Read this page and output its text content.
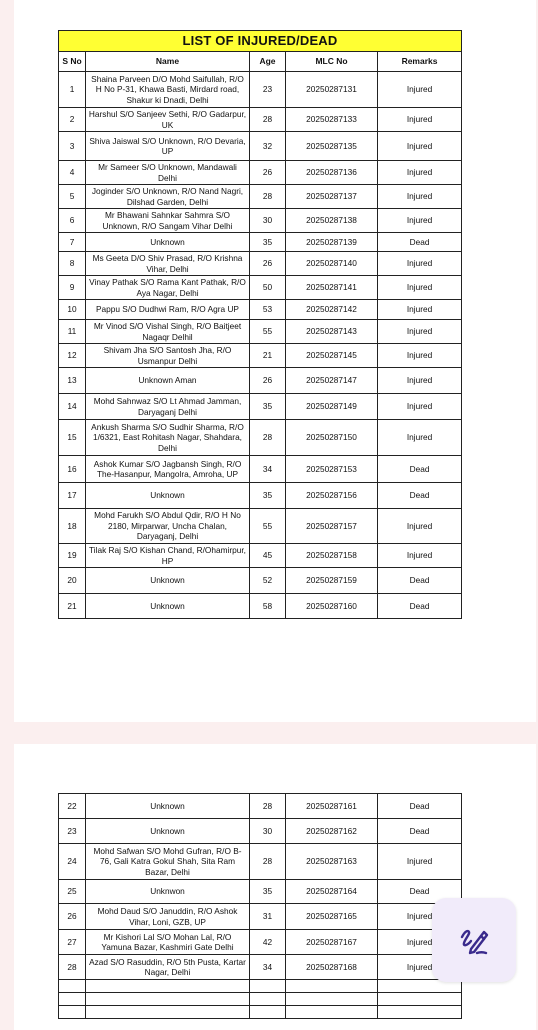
LIST OF INJURED/DEAD				
S No	Name	Age	MLC No	Remarks
1	Shaina Parveen D/O Mohd Saifullah, R/O H No P-31, Khawa Basti, Mirdard road, Shakur ki Dnadi, Delhi	23	20250287131	Injured
2	Harshul S/O Sanjeev Sethi, R/O Gadarpur, UK	28	20250287133	Injured
3	Shiva Jaiswal S/O Unknown, R/O Devaria, UP	32	20250287135	Injured
4	Mr Sameer S/O Unknown, Mandawali Delhi	26	20250287136	Injured
5	Joginder S/O Unknown, R/O Nand Nagri, Dilshad Garden, Delhi	28	20250287137	Injured
6	Mr Bhawani Sahnkar Sahmra S/O Unknown, R/O Sangam Vihar Delhi	30	20250287138	Injured
7	Unknown	35	20250287139	Dead
8	Ms Geeta D/O Shiv Prasad, R/O Krishna Vihar, Delhi	26	20250287140	Injured
9	Vinay Pathak S/O Rama Kant Pathak, R/O Aya Nagar, Delhi	50	20250287141	Injured
10	Pappu S/O Dudhwi Ram, R/O Agra UP	53	20250287142	Injured
11	Mr Vinod S/O Vishal Singh, R/O Baitjeet Nagaqr Delhil	55	20250287143	Injured
12	Shivam Jha S/O Santosh Jha, R/O Usmanpur Delhi	21	20250287145	Injured
13	Unknown Aman	26	20250287147	Injured
14	Mohd Sahnwaz S/O Lt Ahmad Jamman, Daryaganj Delhi	35	20250287149	Injured
15	Ankush Sharma S/O Sudhir Sharma, R/O 1/6321, East Rohitash Nagar, Shahdara, Delhi	28	20250287150	Injured
16	Ashok Kumar S/O Jagbansh Singh, R/O The-Hasanpur, Mangolra, Amroha, UP	34	20250287153	Dead
17	Unknown	35	20250287156	Dead
18	Mohd Farukh S/O Abdul Qdir, R/O H No 2180, Mirparwar, Uncha Chalan, Daryaganj, Delhi	55	20250287157	Injured
19	Tilak Raj S/O Kishan Chand, R/Ohamirpur, HP	45	20250287158	Injured
20	Unknown	52	20250287159	Dead
21	Unknown	58	20250287160	Dead
22	Unknown	28	20250287161	Dead
23	Unknown	30	20250287162	Dead
24	Mohd Safwan S/O Mohd Gufran, R/O B-76, Gali Katra Gokul Shah, Sita Ram Bazar, Delhi	28	20250287163	Injured
25	Unknwon	35	20250287164	Dead
26	Mohd Daud S/O Januddin, R/O Ashok Vihar, Loni, GZB, UP	31	20250287165	Injured
27	Mr Kishori Lal S/O Mohan Lal, R/O Yamuna Bazar, Kashmiri Gate Delhi	42	20250287167	Injured
28	Azad S/O Rasuddin, R/O 5th Pusta, Kartar Nagar, Delhi	34	20250287168	Injured
